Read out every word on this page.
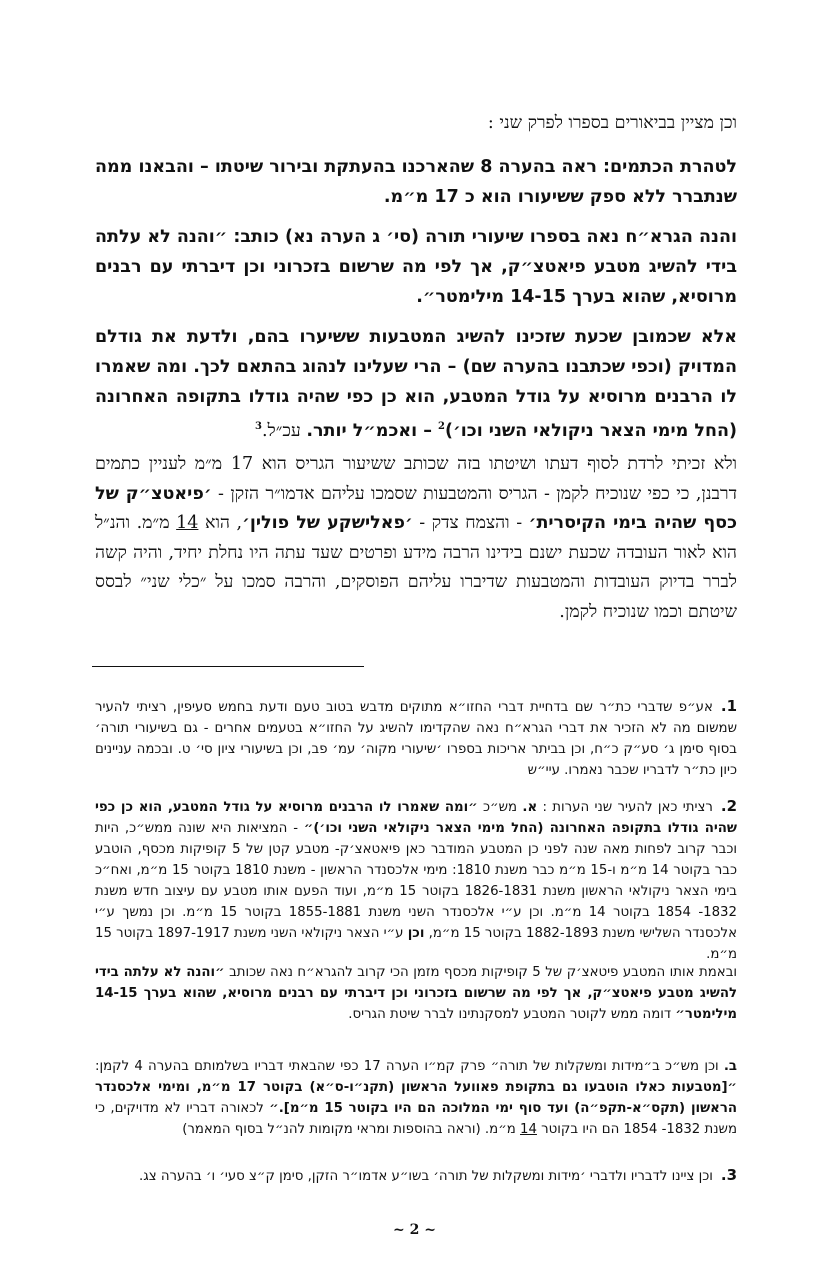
וכן מציין בביאורים בספרו לפרק שני :

לטהרת הכתמים: ראה בהערה 8 שהארכנו בהעתקת ובירור שיטתו – והבאנו ממה שנתברר ללא ספק ששיעורו הוא כ 17 מ״מ.

והנה הגרא״ח נאה בספרו שיעורי תורה (סי׳ ג הערה נא) כותב: ״והנה לא עלתה בידי להשיג מטבע פיאטצ״ק, אך לפי מה שרשום בזכרוני וכן דיברתי עם רבנים מרוסיא, שהוא בערך 14-15 מילימטר״.

אלא שכמובן שכעת שזכינו להשיג המטבעות ששיערו בהם, ולדעת את גודלם המדויק (וכפי שכתבנו בהערה שם) – הרי שעלינו לנהוג בהתאם לכך. ומה שאמרו לו הרבנים מרוסיא על גודל המטבע, הוא כן כפי שהיה גודלו בתקופה האחרונה (החל מימי הצאר ניקולאי השני וכו׳)$^2$ – ואכמ״ל יותר. עכ״ל.$^3$

ולא זכיתי לרדת לסוף דעתו ושיטתו בזה שכותב ששיעור הגריס הוא 17 מ״מ לעניין כתמים דרבנן, כי כפי שנוכיח לקמן - הגריס והמטבעות שסמכו עליהם אדמו״ר הזקן - ׳פיאטצ״ק של כסף שהיה בימי הקיסרית׳ - והצמח צדק - ׳פאלישקע של פולין׳, הוא 14 מ״מ. והנ״ל הוא לאור העובדה שכעת ישנם בידינו הרבה מידע ופרטים שעד עתה היו נחלת יחיד, והיה קשה לברר בדיוק העובדות והמטבעות שדיברו עליהם הפוסקים, והרבה סמכו על ״כלי שני״ לבסס שיטתם וכמו שנוכיח לקמן.

1.אע״פ שדברי כת״ר שם בדחיית דברי החזו״א מתוקים מדבש בטוב טעם ודעת בחמש סעיפין, רציתי להעיר שמשום מה לא הזכיר את דברי הגרא״ח נאה שהקדימו להשיג על החזו״א בטעמים אחרים - גם בשיעורי תורה׳ בסוף סימן ג׳ סע״ק כ״ח, וכן בביתר אריכות בספרו ׳שיעורי מקוה׳ עמ׳ פב, וכן בשיעורי ציון סי׳ ט. ובכמה עניינים כיון כת״ר לדבריו שכבר נאמרו. עיי״ש
2.רציתי כאן להעיר שני הערות : א. מש״כ ״ומה שאמרו לו הרבנים מרוסיא על גודל המטבע, הוא כן כפי שהיה גודלו בתקופה האחרונה (החל מימי הצאר ניקולאי השני וכו׳)״ - המציאות היא שונה ממש״כ, היות וכבר קרוב לפחות מאה שנה לפני כן המטבע המודבר כאן פיאטאצ׳ק- מטבע קטן של 5 קופיקות מכסף, הוטבע כבר בקוטר 14 מ״מ ו-15 מ״מ כבר משנת 1810: מימי אלכסנדר הראשון - משנת 1810 בקוטר 15 מ״מ, ואח״כ בימי הצאר ניקולאי הראשון משנת 1826-1831 בקוטר 15 מ״מ, ועוד הפעם אותו מטבע עם עיצוב חדש משנת 1832- 1854 בקוטר 14 מ״מ. וכן ע״י אלכסנדר השני משנת 1855-1881 בקוטר 15 מ״מ. וכן נמשך ע״י אלכסנדר השלישי משנת 1882-1893 בקוטר 15 מ״מ, וכן ע״י הצאר ניקולאי השני משנת 1897-1917 בקוטר 15 מ״מ.
ובאמת אותו המטבע פיטאצ׳ק של 5 קופיקות מכסף מזמן הכי קרוב להגרא״ח נאה שכותב ״והנה לא עלתה בידי להשיג מטבע פיאטצ״ק, אך לפי מה שרשום בזכרוני וכן דיברתי עם רבנים מרוסיא, שהוא בערך 14-15 מילימטר״ דומה ממש לקוטר המטבע למסקנתינו לברר שיטת הגריס.
ב. וכן מש״כ ב״מידות ומשקלות של תורה״ פרק קמ״ו הערה 17 כפי שהבאתי דבריו בשלמותם בהערה 4 לקמן: ״[מטבעות כאלו הוטבעו גם בתקופת פאוועל הראשון (תקנ״ו-ס״א) בקוטר 17 מ״מ, ומימי אלכסנדר הראשון (תקס״א-תקפ״ה) ועד סוף ימי המלוכה הם היו בקוטר 15 מ״מ].״ לכאורה דבריו לא מדויקים, כי משנת 1832- 1854 הם היו בקוטר 14 מ״מ. (וראה בהוספות ומראי מקומות להנ״ל בסוף המאמר)
3.וכן ציינו לדבריו ולדברי ׳מידות ומשקלות של תורה׳ בשו״ע אדמו״ר הזקן, סימן ק״צ סעי׳ ו׳ בהערה צג.
~ 2 ~
